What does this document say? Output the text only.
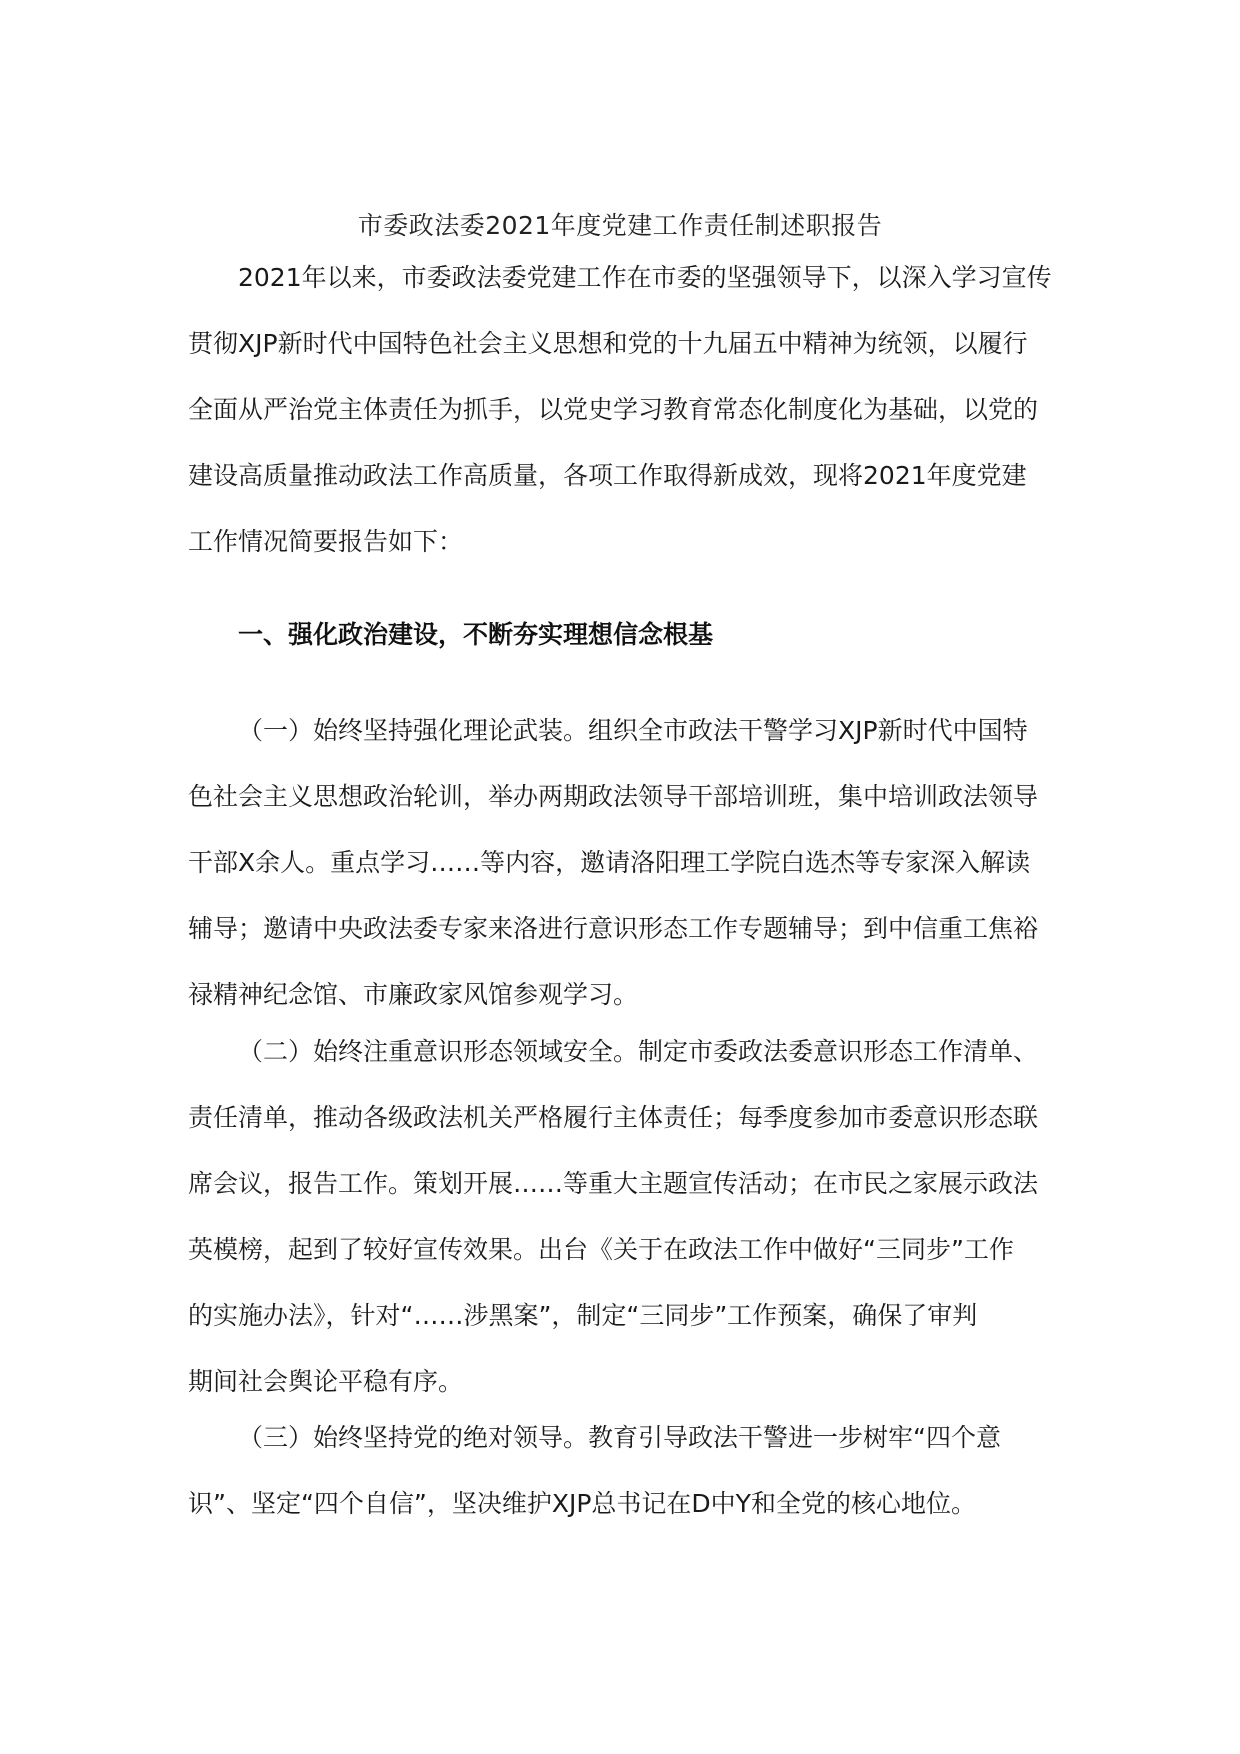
市委政法委2021年度党建工作责任制述职报告
2021年以来，市委政法委党建工作在市委的坚强领导下，以深入学习宣传
贯彻XJP新时代中国特色社会主义思想和党的十九届五中精神为统领，以履行
全面从严治党主体责任为抓手，以党史学习教育常态化制度化为基础，以党的
建设高质量推动政法工作高质量，各项工作取得新成效，现将2021年度党建
工作情况简要报告如下：
一、强化政治建设，不断夯实理想信念根基
（一）始终坚持强化理论武装。组织全市政法干警学习XJP新时代中国特
色社会主义思想政治轮训，举办两期政法领导干部培训班，集中培训政法领导
干部X余人。重点学习……等内容，邀请洛阳理工学院白选杰等专家深入解读
辅导；邀请中央政法委专家来洛进行意识形态工作专题辅导；到中信重工焦裕
禄精神纪念馆、市廉政家风馆参观学习。
（二）始终注重意识形态领域安全。制定市委政法委意识形态工作清单、
责任清单，推动各级政法机关严格履行主体责任；每季度参加市委意识形态联
席会议，报告工作。策划开展……等重大主题宣传活动；在市民之家展示政法
英模榜，起到了较好宣传效果。出台《关于在政法工作中做好“三同步”工作
的实施办法》，针对“……涉黑案”，制定“三同步”工作预案，确保了审判
期间社会舆论平稳有序。
（三）始终坚持党的绝对领导。教育引导政法干警进一步树牢“四个意
识”、坚定“四个自信”，坚决维护XJP总书记在D中Y和全党的核心地位。
